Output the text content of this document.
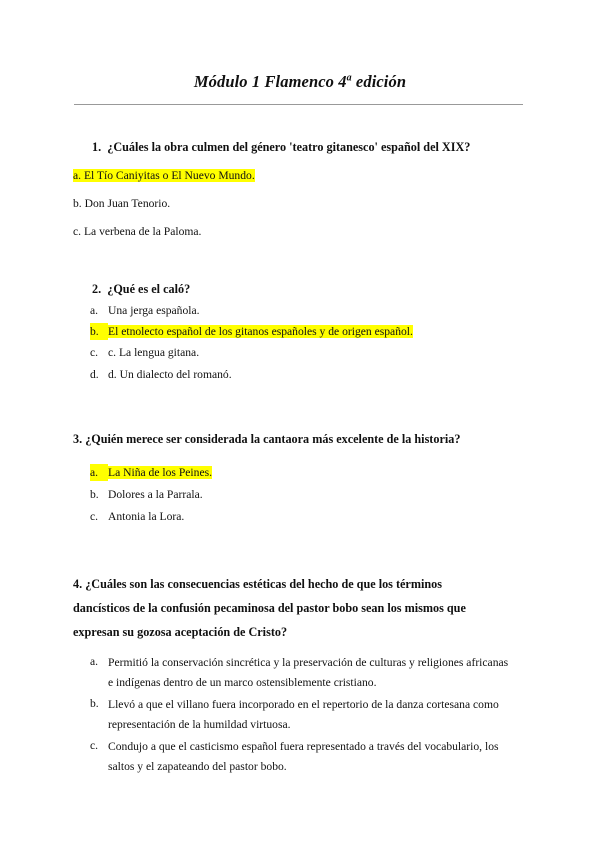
Módulo 1 Flamenco 4$^a$ edición
1. ¿Cuáles la obra culmen del género 'teatro gitanesco' español del XIX?
a. El Tío Caniyitas o El Nuevo Mundo.
b. Don Juan Tenorio.
c. La verbena de la Paloma.
2. ¿Qué es el caló?
a. Una jerga española.
b. El etnolecto español de los gitanos españoles y de origen español.
c. c. La lengua gitana.
d. d. Un dialecto del romanó.
3. ¿Quién merece ser considerada la cantaora más excelente de la historia?
a. La Niña de los Peines.
b. Dolores a la Parrala.
c. Antonia la Lora.
4. ¿Cuáles son las consecuencias estéticas del hecho de que los términos
dancísticos de la confusión pecaminosa del pastor bobo sean los mismos que
expresan su gozosa aceptación de Cristo?
a. Permitió la conservación sincrética y la preservación de culturas y religiones africanas
e indígenas dentro de un marco ostensiblemente cristiano.
b. Llevó a que el villano fuera incorporado en el repertorio de la danza cortesana como
representación de la humildad virtuosa.
c. Condujo a que el casticismo español fuera representado a través del vocabulario, los
saltos y el zapateando del pastor bobo.
